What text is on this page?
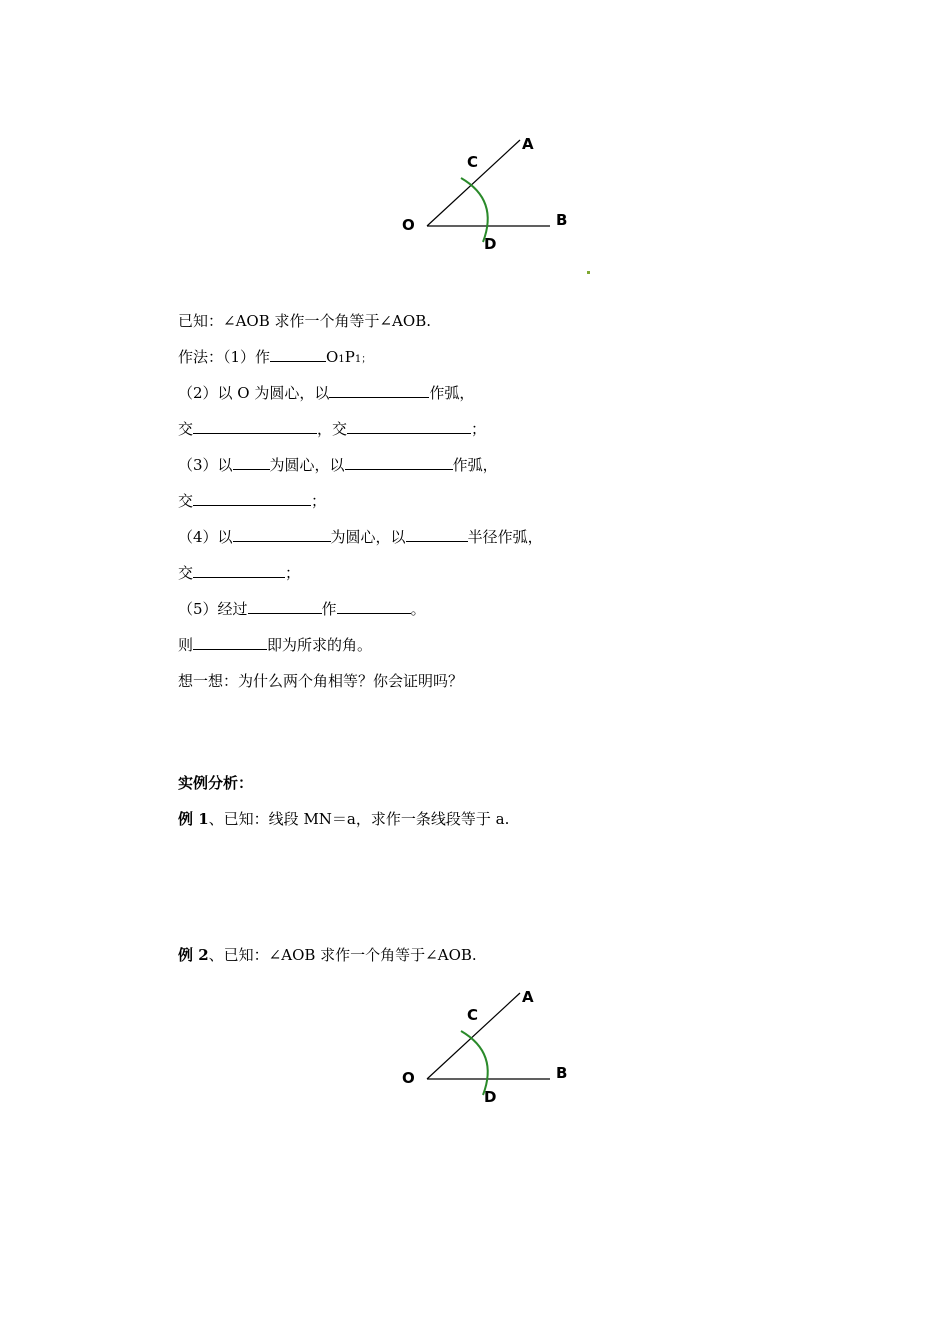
A
C
O	B
D
已知：∠AOB 求作一个角等于∠AOB.
作法：（1）作	O1P1；
（2）以 O 为圆心，以	作弧，
交	，交	；
（3）以 为圆心，以	作弧，
交	；
（4）以	为圆心，以	半径作弧，
交	；
（5）经过	作	。
则	即为所求的角。
想一想：为什么两个角相等？你会证明吗？
实例分析：
例 1、已知：线段 MN＝a，求作一条线段等于 a.
例 2、已知：∠AOB 求作一个角等于∠AOB.
A
C
O	B
D
